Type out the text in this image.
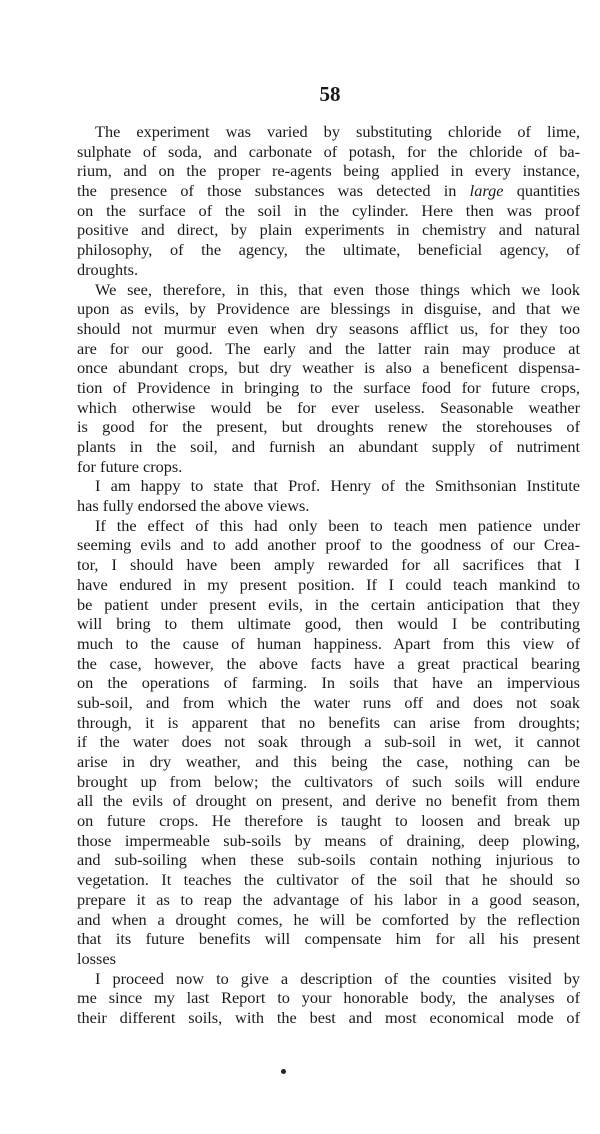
58
The experiment was varied by substituting chloride of lime,
sulphate of soda, and carbonate of potash, for the chloride of ba-
rium, and on the proper re-agents being applied in every instance,
the presence of those substances was detected in large quantities
on the surface of the soil in the cylinder. Here then was proof
positive and direct, by plain experiments in chemistry and natural
philosophy, of the agency, the ultimate, beneficial agency, of
droughts.
We see, therefore, in this, that even those things which we look
upon as evils, by Providence are blessings in disguise, and that we
should not murmur even when dry seasons afflict us, for they too
are for our good. The early and the latter rain may produce at
once abundant crops, but dry weather is also a beneficent dispensa-
tion of Providence in bringing to the surface food for future crops,
which otherwise would be for ever useless. Seasonable weather
is good for the present, but droughts renew the storehouses of
plants in the soil, and furnish an abundant supply of nutriment
for future crops.
I am happy to state that Prof. Henry of the Smithsonian Institute
has fully endorsed the above views.
If the effect of this had only been to teach men patience under
seeming evils and to add another proof to the goodness of our Crea-
tor, I should have been amply rewarded for all sacrifices that I
have endured in my present position. If I could teach mankind to
be patient under present evils, in the certain anticipation that they
will bring to them ultimate good, then would I be contributing
much to the cause of human happiness. Apart from this view of
the case, however, the above facts have a great practical bearing
on the operations of farming. In soils that have an impervious
sub-soil, and from which the water runs off and does not soak
through, it is apparent that no benefits can arise from droughts;
if the water does not soak through a sub-soil in wet, it cannot
arise in dry weather, and this being the case, nothing can be
brought up from below; the cultivators of such soils will endure
all the evils of drought on present, and derive no benefit from them
on future crops. He therefore is taught to loosen and break up
those impermeable sub-soils by means of draining, deep plowing,
and sub-soiling when these sub-soils contain nothing injurious to
vegetation. It teaches the cultivator of the soil that he should so
prepare it as to reap the advantage of his labor in a good season,
and when a drought comes, he will be comforted by the reflection
that its future benefits will compensate him for all his present
losses
I proceed now to give a description of the counties visited by
me since my last Report to your honorable body, the analyses of
their different soils, with the best and most economical mode of
